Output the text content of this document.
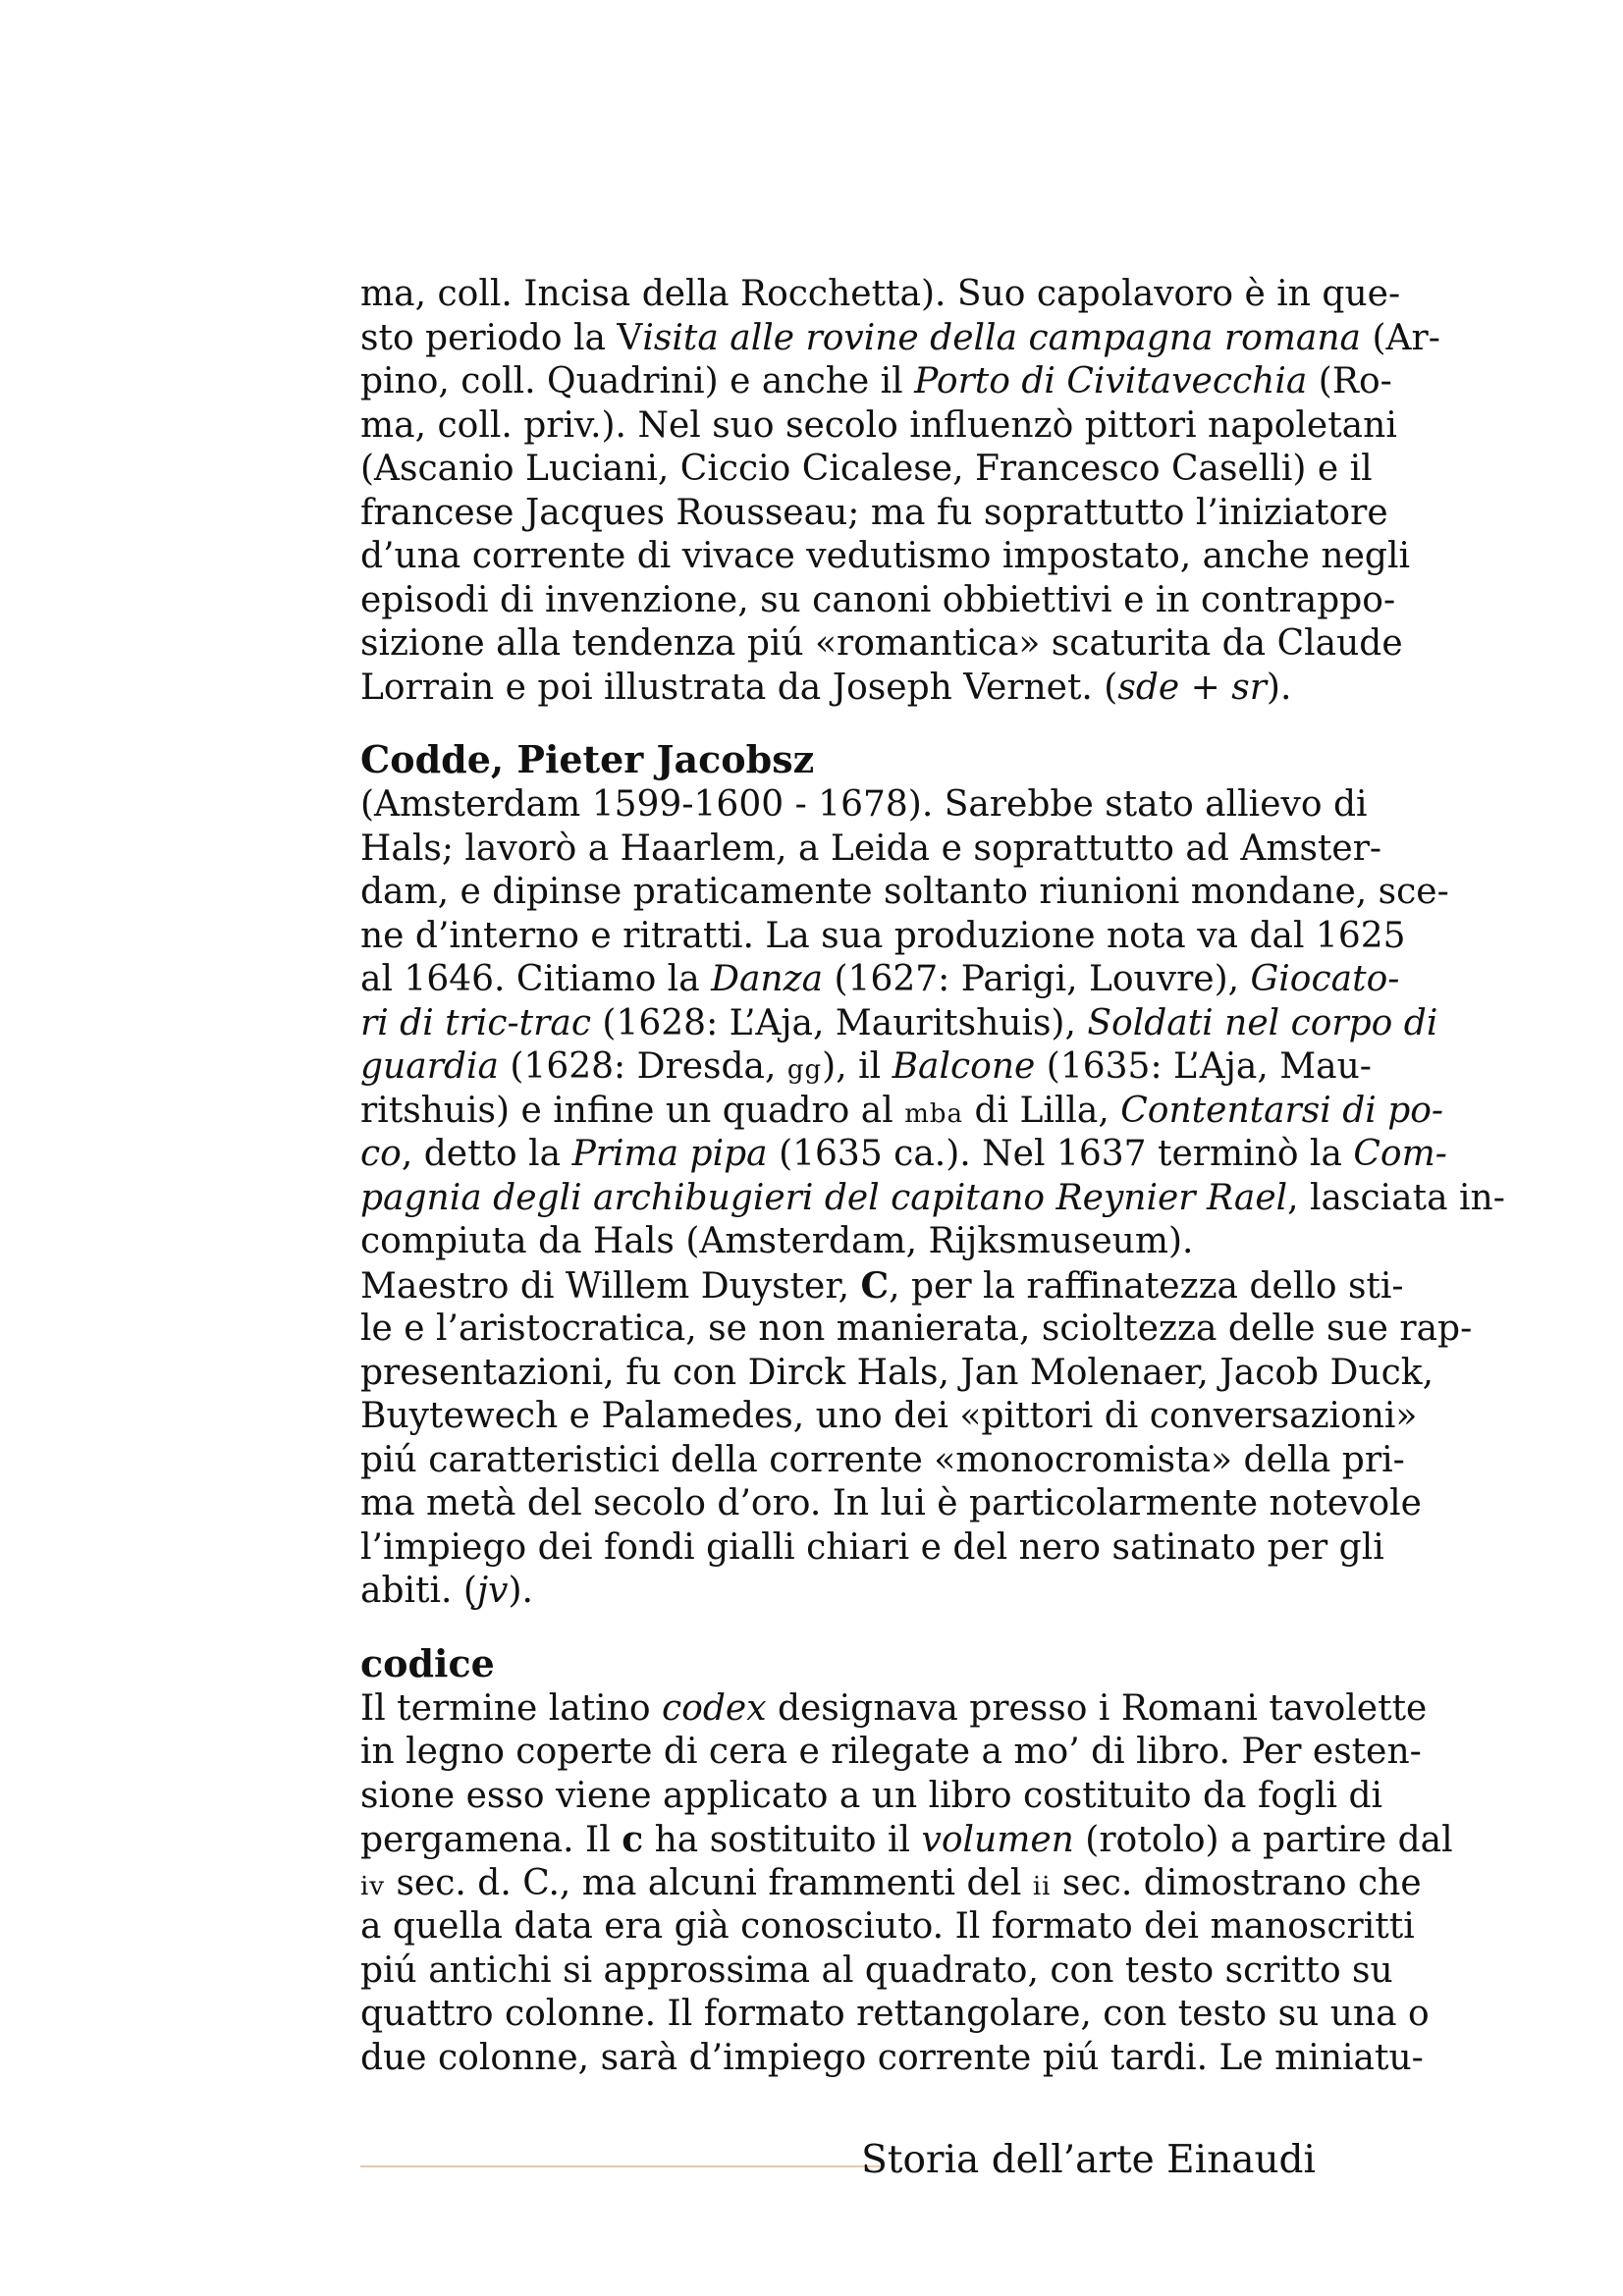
ma, coll. Incisa della Rocchetta). Suo capolavoro è in que-
sto periodo la Visita alle rovine della campagna romana (Ar-
pino, coll. Quadrini) e anche il Porto di Civitavecchia (Ro-
ma, coll. priv.). Nel suo secolo influenzò pittori napoletani
(Ascanio Luciani, Ciccio Cicalese, Francesco Caselli) e il
francese Jacques Rousseau; ma fu soprattutto l’iniziatore
d’una corrente di vivace vedutismo impostato, anche negli
episodi di invenzione, su canoni obbiettivi e in contrappo-
sizione alla tendenza piú «romantica» scaturita da Claude
Lorrain e poi illustrata da Joseph Vernet. (sde + sr).
Codde, Pieter Jacobsz
(Amsterdam 1599-1600 - 1678). Sarebbe stato allievo di
Hals; lavorò a Haarlem, a Leida e soprattutto ad Amster-
dam, e dipinse praticamente soltanto riunioni mondane, sce-
ne d’interno e ritratti. La sua produzione nota va dal 1625
al 1646. Citiamo la Danza (1627: Parigi, Louvre), Giocato-
ri di tric-trac (1628: L’Aja, Mauritshuis), Soldati nel corpo di
guardia (1628: Dresda, gg), il Balcone (1635: L’Aja, Mau-
ritshuis) e infine un quadro al mba di Lilla, Contentarsi di po-
co, detto la Prima pipa (1635 ca.). Nel 1637 terminò la Com-
pagnia degli archibugieri del capitano Reynier Rael, lasciata in-
compiuta da Hals (Amsterdam, Rijksmuseum).
Maestro di Willem Duyster, C, per la raffinatezza dello sti-
le e l’aristocratica, se non manierata, scioltezza delle sue rap-
presentazioni, fu con Dirck Hals, Jan Molenaer, Jacob Duck,
Buytewech e Palamedes, uno dei «pittori di conversazioni»
piú caratteristici della corrente «monocromista» della pri-
ma metà del secolo d’oro. In lui è particolarmente notevole
l’impiego dei fondi gialli chiari e del nero satinato per gli
abiti. (jv).
codice
Il termine latino codex designava presso i Romani tavolette
in legno coperte di cera e rilegate a mo’ di libro. Per esten-
sione esso viene applicato a un libro costituito da fogli di
pergamena. Il c ha sostituito il volumen (rotolo) a partire dal
iv sec. d. C., ma alcuni frammenti del ii sec. dimostrano che
a quella data era già conosciuto. Il formato dei manoscritti
piú antichi si approssima al quadrato, con testo scritto su
quattro colonne. Il formato rettangolare, con testo su una o
due colonne, sarà d’impiego corrente piú tardi. Le miniatu-
Storia dell’arte Einaudi
